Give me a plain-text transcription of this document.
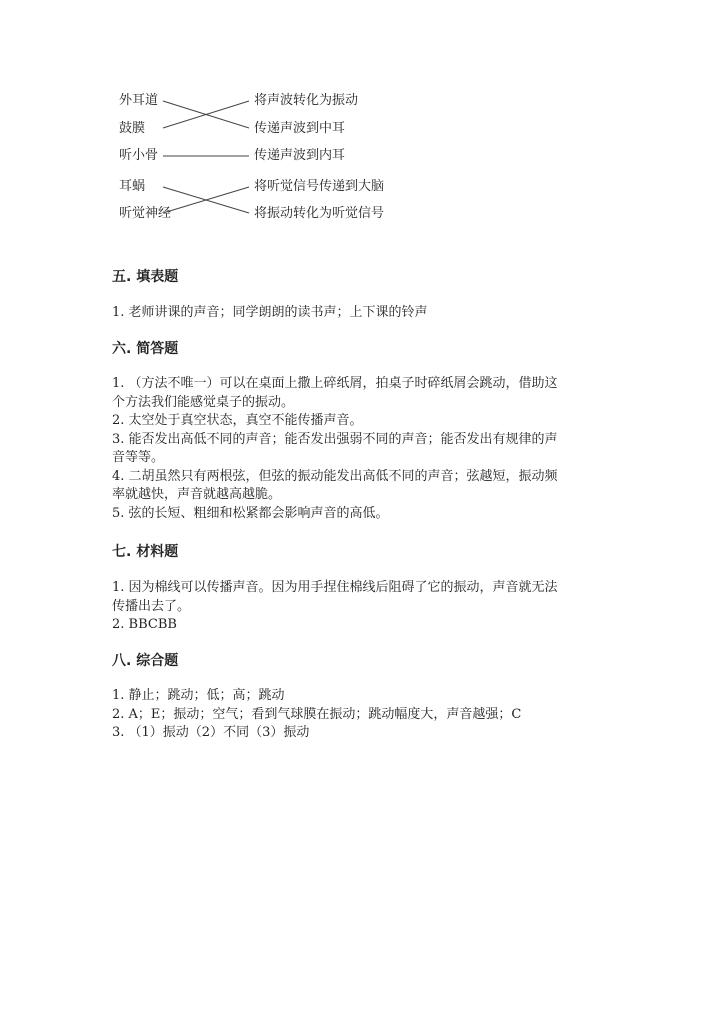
外耳道
鼓膜
听小骨
耳蜗
听觉神经
将声波转化为振动
传递声波到中耳
传递声波到内耳
将听觉信号传递到大脑
将振动转化为听觉信号
五. 填表题
1. 老师讲课的声音；同学朗朗的读书声；上下课的铃声
六. 简答题
1. （方法不唯一）可以在桌面上撒上碎纸屑，拍桌子时碎纸屑会跳动，借助这
个方法我们能感觉桌子的振动。
2. 太空处于真空状态，真空不能传播声音。
3. 能否发出高低不同的声音；能否发出强弱不同的声音；能否发出有规律的声
音等等。
4. 二胡虽然只有两根弦，但弦的振动能发出高低不同的声音；弦越短，振动频
率就越快，声音就越高越脆。
5. 弦的长短、粗细和松紧都会影响声音的高低。
七. 材料题
1. 因为棉线可以传播声音。因为用手捏住棉线后阻碍了它的振动，声音就无法
传播出去了。
2. BBCBB
八. 综合题
1. 静止；跳动；低；高；跳动
2. A；E；振动；空气；看到气球膜在振动；跳动幅度大，声音越强；C
3. （1）振动（2）不同（3）振动
